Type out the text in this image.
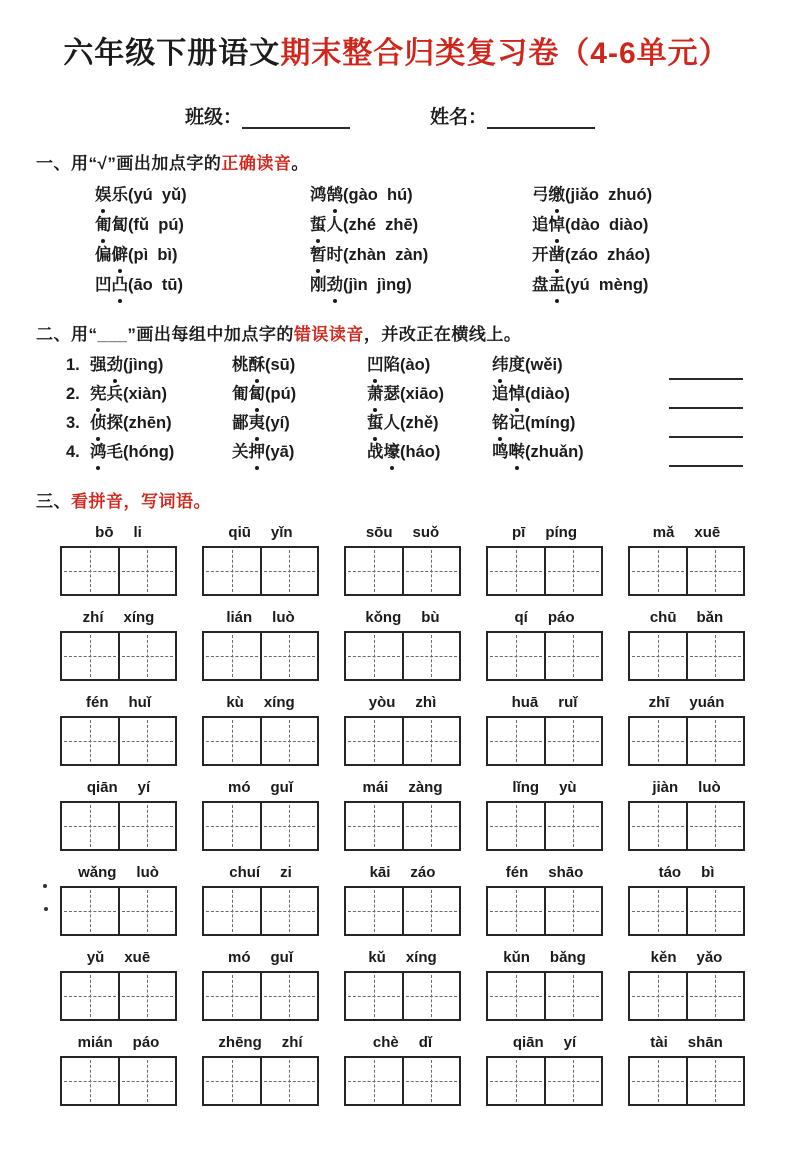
六年级下册语文期末整合归类复习卷（4-6单元）
班级：	姓名：
一、用“√”画出加点字的正确读音。
娱乐(yú  yǔ)	鸿鹄(gào  hú)	弓缴(jiǎo  zhuó)
匍匐(fǔ  pú)	蜇人(zhé  zhē)	追悼(dào  diào)
偏僻(pì  bì)	暂时(zhàn  zàn)	开凿(záo  zháo)
凹凸(āo  tū)	刚劲(jìn  jìng)	盘盂(yú  mèng)
二、用“___”画出每组中加点字的错误读音，并改正在横线上。
1. 强劲(jìng)	桃酥(sū)	凹陷(ào)	纬度(wěi)
2. 宪兵(xiàn)	匍匐(pú)	萧瑟(xiāo)	追悼(diào)
3. 侦探(zhēn)	鄙夷(yí)	蜇人(zhě)	铭记(míng)
4. 鸿毛(hóng)	关押(yā)	战壕(háo)	鸣啭(zhuǎn)
三、看拼音，写词语。
bō li	qiū yǐn	sōu suǒ	pī píng	mǎ xuē
zhí xíng	lián luò	kǒng bù	qí páo	chū bǎn
fén huǐ	kù xíng	yòu zhì	huā ruǐ	zhī yuán
qiān yí	mó guǐ	mái zàng	lǐng yù	jiàn luò
wǎng luò	chuí zi	kāi záo	fén shāo	táo bì
yǔ xuē	mó guǐ	kǔ xíng	kǔn bǎng	kěn yǎo
mián páo	zhēng zhí	chè dǐ	qiān yí	tài shān
